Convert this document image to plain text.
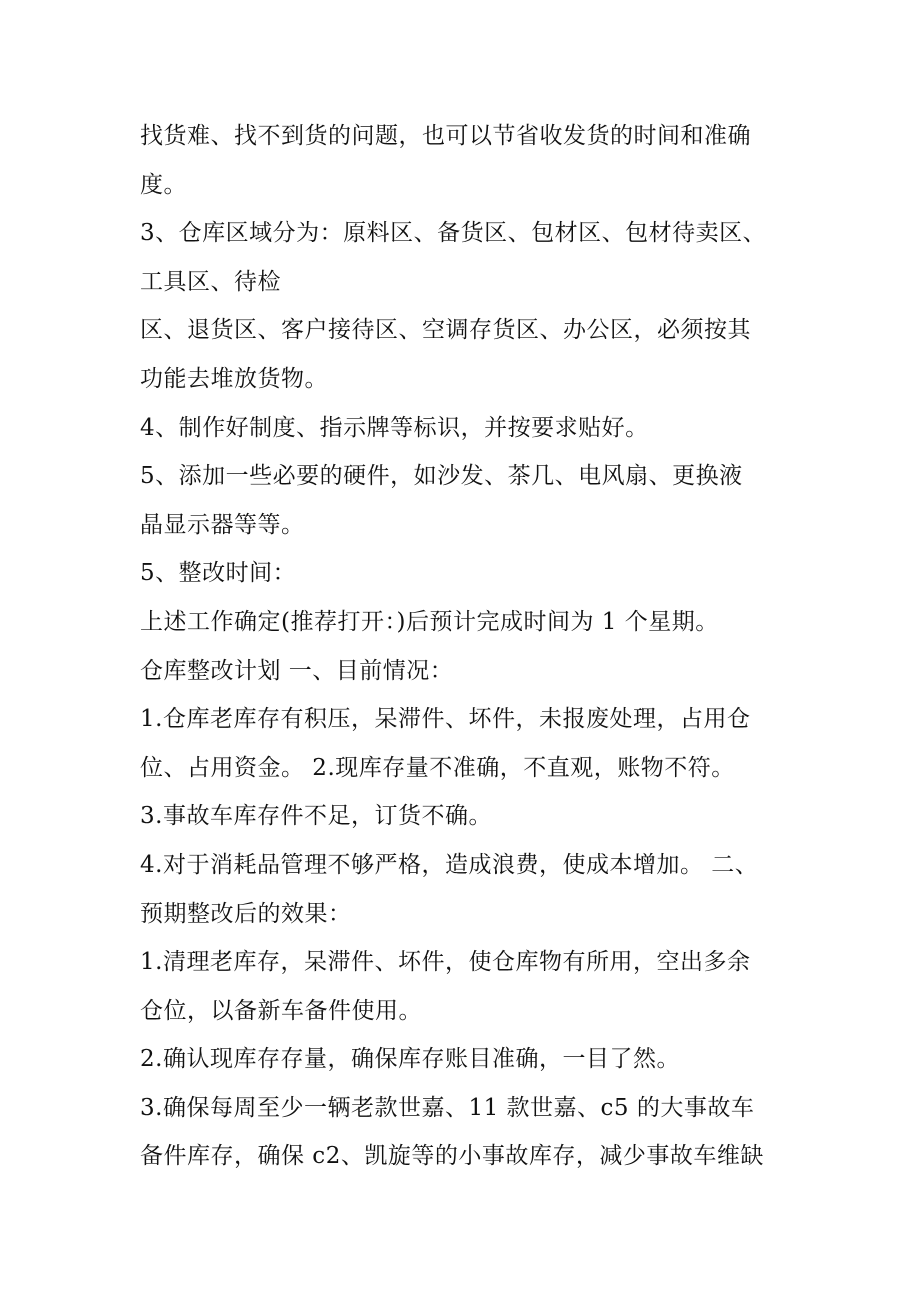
找货难、找不到货的问题，也可以节省收发货的时间和准确
度。
3、仓库区域分为：原料区、备货区、包材区、包材待卖区、
工具区、待检
区、退货区、客户接待区、空调存货区、办公区，必须按其
功能去堆放货物。
4、制作好制度、指示牌等标识，并按要求贴好。
5、添加一些必要的硬件，如沙发、茶几、电风扇、更换液
晶显示器等等。
5、整改时间：
上述工作确定(推荐打开：)后预计完成时间为 1 个星期。
仓库整改计划 一、目前情况：
1.仓库老库存有积压，呆滞件、坏件，未报废处理，占用仓
位、占用资金。 2.现库存量不准确，不直观，账物不符。
3.事故车库存件不足，订货不确。
4.对于消耗品管理不够严格，造成浪费，使成本增加。 二、
预期整改后的效果：
1.清理老库存，呆滞件、坏件，使仓库物有所用，空出多余
仓位，以备新车备件使用。
2.确认现库存存量，确保库存账目准确，一目了然。
3.确保每周至少一辆老款世嘉、11 款世嘉、c5 的大事故车
备件库存，确保 c2、凯旋等的小事故库存，减少事故车维缺
